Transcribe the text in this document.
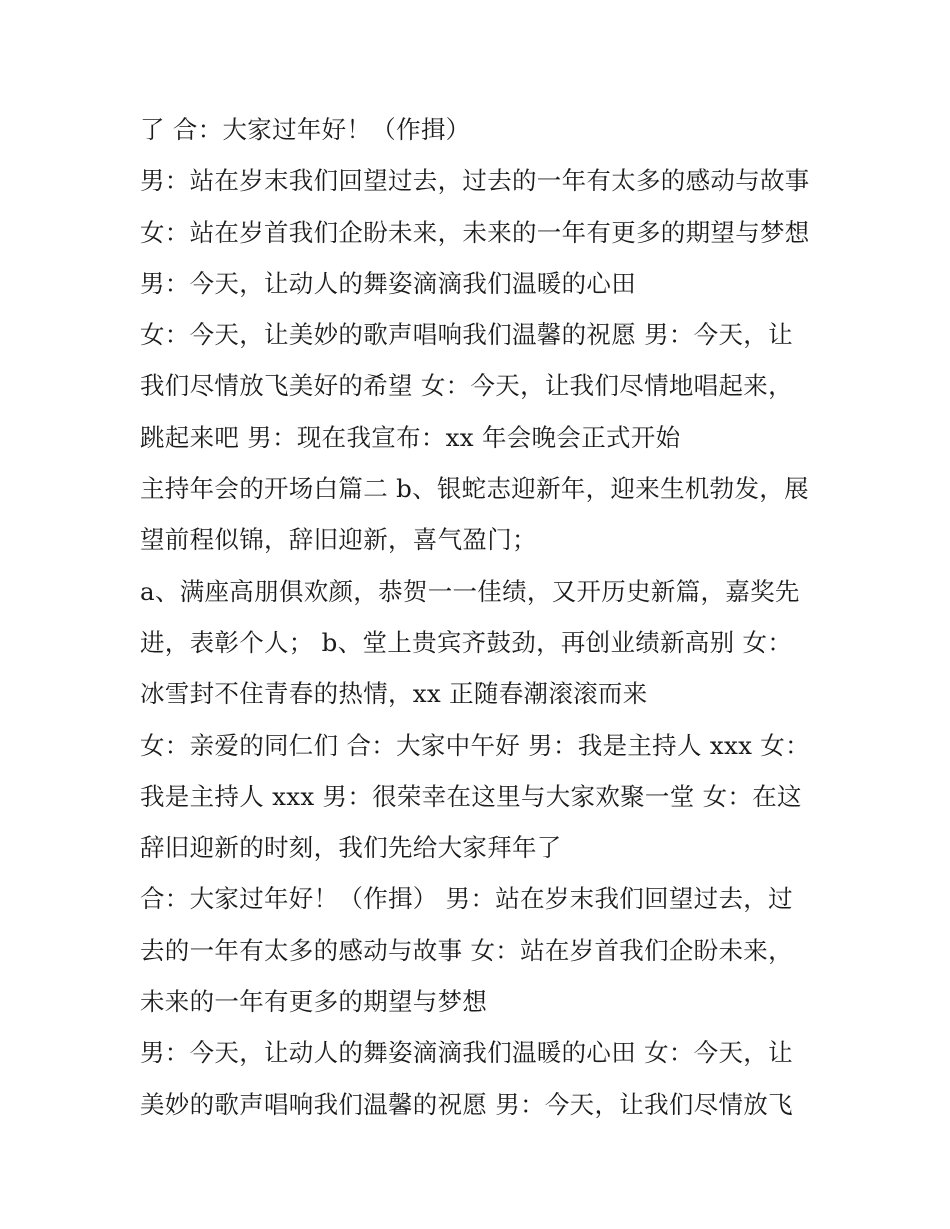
了 合：大家过年好！（作揖）
男：站在岁末我们回望过去，过去的一年有太多的感动与故事
女：站在岁首我们企盼未来，未来的一年有更多的期望与梦想
男：今天，让动人的舞姿滴滴我们温暖的心田
女：今天，让美妙的歌声唱响我们温馨的祝愿 男：今天，让
我们尽情放飞美好的希望 女：今天，让我们尽情地唱起来，
跳起来吧 男：现在我宣布：xx 年会晚会正式开始
主持年会的开场白篇二 b、银蛇志迎新年，迎来生机勃发，展
望前程似锦，辞旧迎新，喜气盈门；
a、满座高朋俱欢颜，恭贺一一佳绩，又开历史新篇，嘉奖先
进，表彰个人； b、堂上贵宾齐鼓劲，再创业绩新高别 女：
冰雪封不住青春的热情，xx 正随春潮滚滚而来
女：亲爱的同仁们 合：大家中午好 男：我是主持人 xxx 女：
我是主持人 xxx 男：很荣幸在这里与大家欢聚一堂 女：在这
辞旧迎新的时刻，我们先给大家拜年了
合：大家过年好！（作揖） 男：站在岁末我们回望过去，过
去的一年有太多的感动与故事 女：站在岁首我们企盼未来，
未来的一年有更多的期望与梦想
男：今天，让动人的舞姿滴滴我们温暖的心田 女：今天，让
美妙的歌声唱响我们温馨的祝愿 男：今天，让我们尽情放飞
